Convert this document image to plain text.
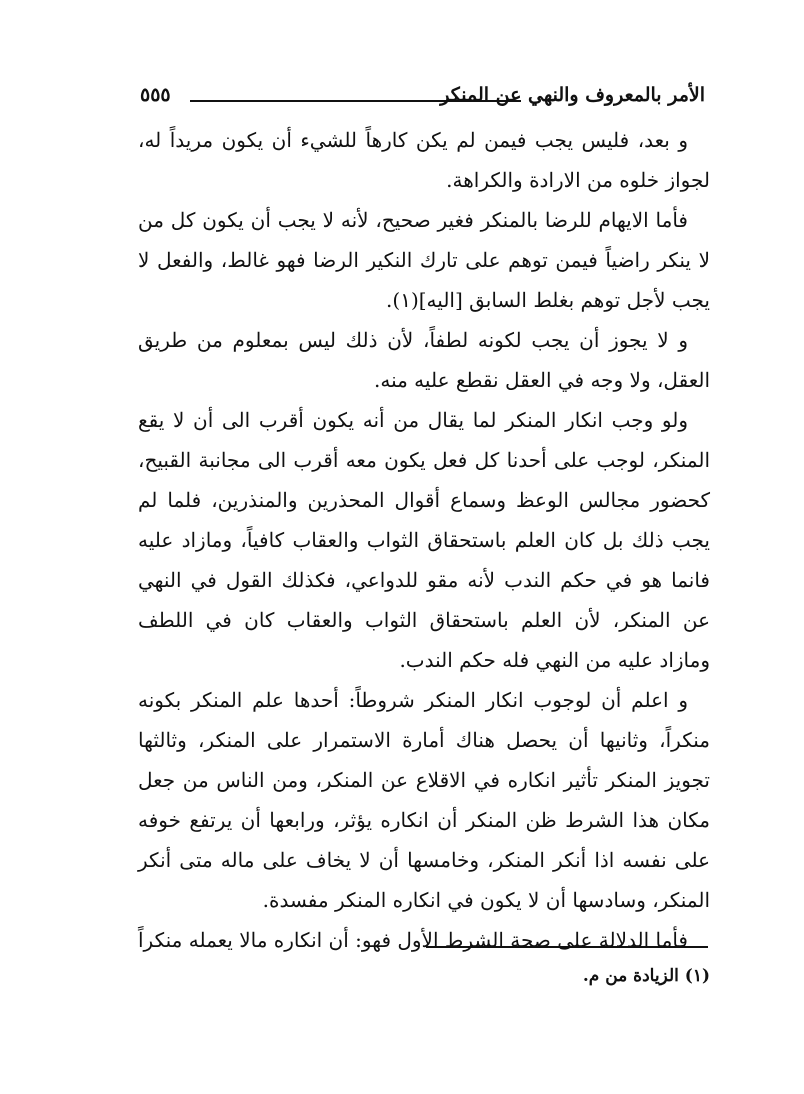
الأمر بالمعروف والنهي عن المنكر
٥٥٥

و بعد، فليس يجب فيمن لم يكن كارهاً للشيء أن يكون مريداً له، لجواز خلوه من الارادة والكراهة.

فأما الايهام للرضا بالمنكر فغير صحيح، لأنه لا يجب أن يكون كل من لا ينكر راضياً فيمن توهم على تارك النكير الرضا فهو غالط، والفعل لا يجب لأجل توهم بغلط السابق [اليه](١).

و لا يجوز أن يجب لكونه لطفاً، لأن ذلك ليس بمعلوم من طريق العقل، ولا وجه في العقل نقطع عليه منه.

ولو وجب انكار المنكر لما يقال من أنه يكون أقرب الى أن لا يقع المنكر، لوجب على أحدنا كل فعل يكون معه أقرب الى مجانبة القبيح، كحضور مجالس الوعظ وسماع أقوال المحذرين والمنذرين، فلما لم يجب ذلك بل كان العلم باستحقاق الثواب والعقاب كافياً، ومازاد عليه فانما هو في حكم الندب لأنه مقو للدواعي، فكذلك القول في النهي عن المنكر، لأن العلم باستحقاق الثواب والعقاب كان في اللطف ومازاد عليه من النهي فله حكم الندب.

و اعلم أن لوجوب انكار المنكر شروطاً: أحدها علم المنكر بكونه منكراً، وثانيها أن يحصل هناك أمارة الاستمرار على المنكر، وثالثها تجويز المنكر تأثير انكاره في الاقلاع عن المنكر، ومن الناس من جعل مكان هذا الشرط ظن المنكر أن انكاره يؤثر، ورابعها أن يرتفع خوفه على نفسه اذا أنكر المنكر، وخامسها أن لا يخاف على ماله متى أنكر المنكر، وسادسها أن لا يكون في انكاره المنكر مفسدة.

فأما الدلالة على صحة الشرط الأول فهو: أن انكاره مالا يعمله منكراً

(١) الزيادة من م.
